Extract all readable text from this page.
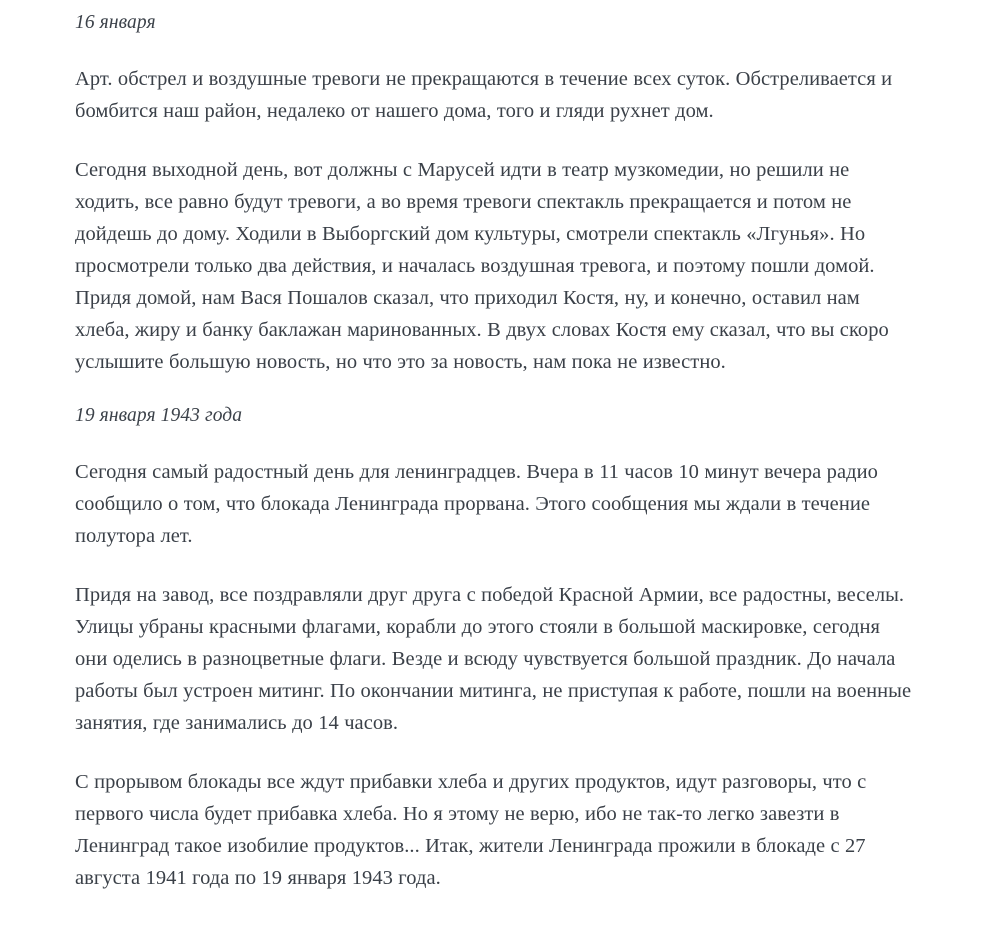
16 января

Арт. обстрел и воздушные тревоги не прекращаются в течение всех суток. Обстреливается и бомбится наш район, недалеко от нашего дома, того и гляди рухнет дом.

Сегодня выходной день, вот должны с Марусей идти в театр музкомедии, но решили не ходить, все равно будут тревоги, а во время тревоги спектакль прекращается и потом не дойдешь до дому. Ходили в Выборгский дом культуры, смотрели спектакль «Лгунья». Но просмотрели только два действия, и началась воздушная тревога, и поэтому пошли домой. Придя домой, нам Вася Пошалов сказал, что приходил Костя, ну, и конечно, оставил нам хлеба, жиру и банку баклажан маринованных. В двух словах Костя ему сказал, что вы скоро услышите большую новость, но что это за новость, нам пока не известно.

19 января 1943 года

Сегодня самый радостный день для ленинградцев. Вчера в 11 часов 10 минут вечера радио сообщило о том, что блокада Ленинграда прорвана. Этого сообщения мы ждали в течение полутора лет.

Придя на завод, все поздравляли друг друга с победой Красной Армии, все радостны, веселы. Улицы убраны красными флагами, корабли до этого стояли в большой маскировке, сегодня они оделись в разноцветные флаги. Везде и всюду чувствуется большой праздник. До начала работы был устроен митинг. По окончании митинга, не приступая к работе, пошли на военные занятия, где занимались до 14 часов.

С прорывом блокады все ждут прибавки хлеба и других продуктов, идут разговоры, что с первого числа будет прибавка хлеба. Но я этому не верю, ибо не так-то легко завезти в Ленинград такое изобилие продуктов... Итак, жители Ленинграда прожили в блокаде с 27 августа 1941 года по 19 января 1943 года.
